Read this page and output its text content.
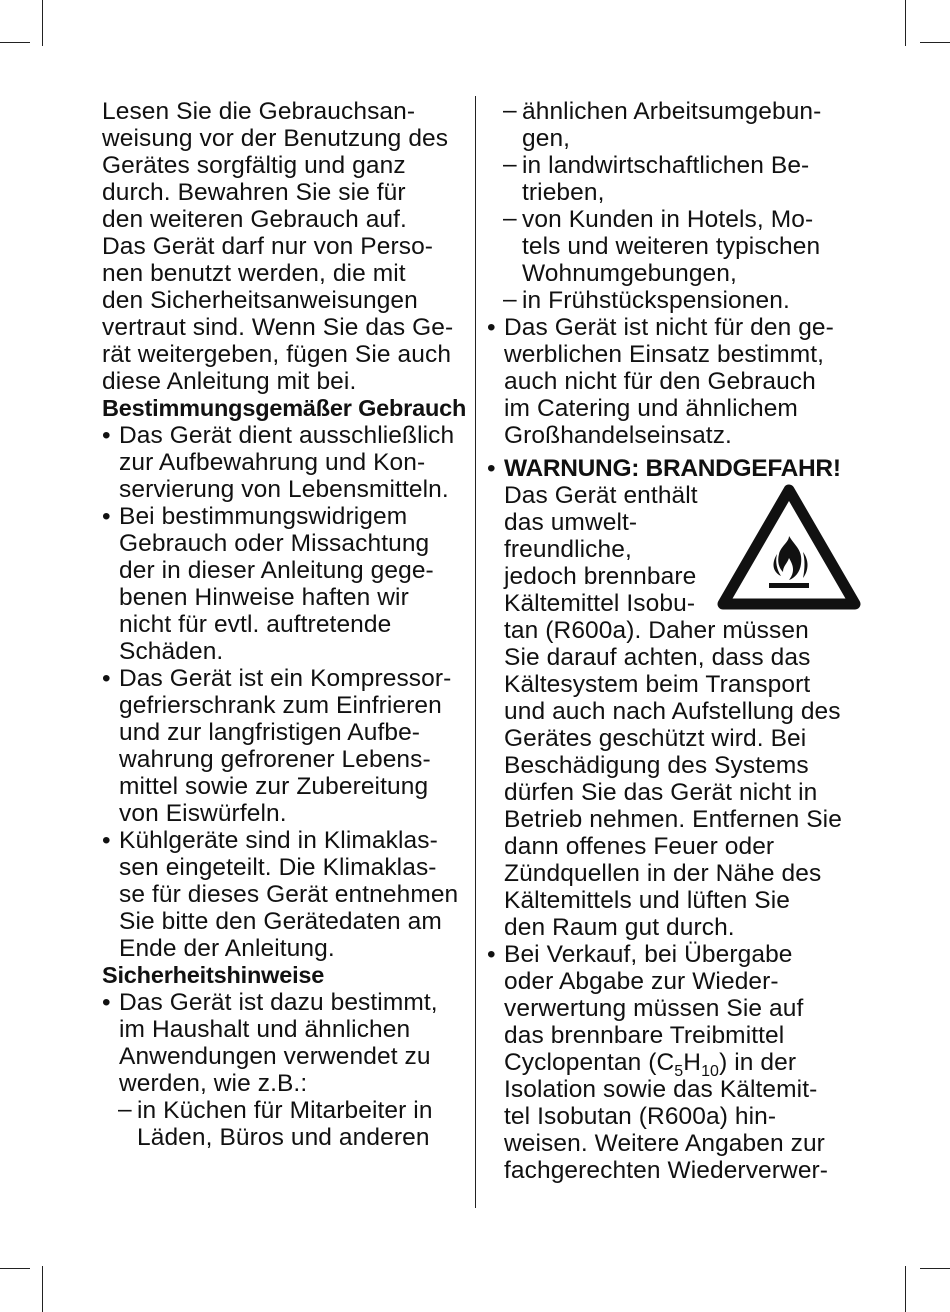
Lesen Sie die Gebrauchsan-
weisung vor der Benutzung des
Gerätes sorgfältig und ganz
durch. Bewahren Sie sie für
den weiteren Gebrauch auf.
Das Gerät darf nur von Perso-
nen benutzt werden, die mit
den Sicherheitsanweisungen
vertraut sind. Wenn Sie das Ge-
rät weitergeben, fügen Sie auch
diese Anleitung mit bei.

Bestimmungsgemäßer Gebrauch

• Das Gerät dient ausschließlich
zur Aufbewahrung und Kon-
servierung von Lebensmitteln.

• Bei bestimmungswidrigem
Gebrauch oder Missachtung
der in dieser Anleitung gege-
benen Hinweise haften wir
nicht für evtl. auftretende
Schäden.

• Das Gerät ist ein Kompressor-
gefrierschrank zum Einfrieren
und zur langfristigen Aufbe-
wahrung gefrorener Lebens-
mittel sowie zur Zubereitung
von Eiswürfeln.

• Kühlgeräte sind in Klimaklas-
sen eingeteilt. Die Klimaklas-
se für dieses Gerät entnehmen
Sie bitte den Gerätedaten am
Ende der Anleitung.

Sicherheitshinweise

• Das Gerät ist dazu bestimmt,
im Haushalt und ähnlichen
Anwendungen verwendet zu
werden, wie z.B.:

– in Küchen für Mitarbeiter in
Läden, Büros und anderen

– ähnlichen Arbeitsumgebun-
gen,

– in landwirtschaftlichen Be-
trieben,

– von Kunden in Hotels, Mo-
tels und weiteren typischen
Wohnumgebungen,

– in Frühstückspensionen.

• Das Gerät ist nicht für den ge-
werblichen Einsatz bestimmt,
auch nicht für den Gebrauch
im Catering und ähnlichem
Großhandelseinsatz.

• WARNUNG: BRANDGEFAHR!

Das Gerät enthält
das umwelt-
freundliche,
jedoch brennbare
Kältemittel Isobu-
tan (R600a). Daher müssen
Sie darauf achten, dass das
Kältesystem beim Transport
und auch nach Aufstellung des
Gerätes geschützt wird. Bei
Beschädigung des Systems
dürfen Sie das Gerät nicht in
Betrieb nehmen. Entfernen Sie
dann offenes Feuer oder
Zündquellen in der Nähe des
Kältemittels und lüften Sie
den Raum gut durch.

• Bei Verkauf, bei Übergabe
oder Abgabe zur Wieder-
verwertung müssen Sie auf
das brennbare Treibmittel
Cyclopentan $(C_5H_{10})$ in der
Isolation sowie das Kältemit-
tel Isobutan (R600a) hin-
weisen. Weitere Angaben zur
fachgerechten Wiederverwer-
